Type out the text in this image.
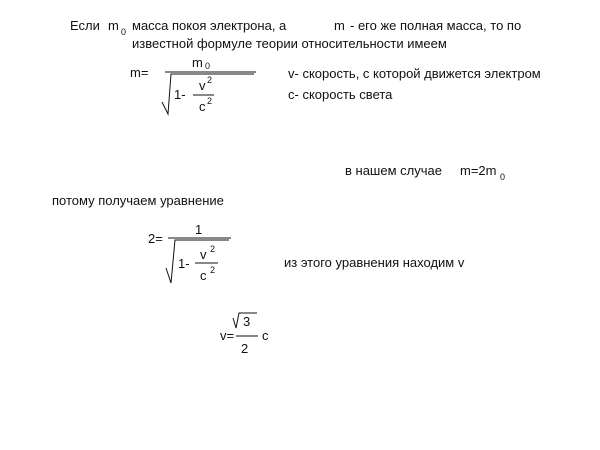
Если m 0 масса покоя электрона, а	m - его же полная масса, то по
известной формуле теории относительности имеем
m=
m 0
1-
v 2
c 2
v- скорость, с которой движется электром
c- скорость света
в нашем случае m=2m 0
потому получаем уравнение
2=
1
1-
v 2
c 2	из этого уравнения находим v
v=
3
2
c
